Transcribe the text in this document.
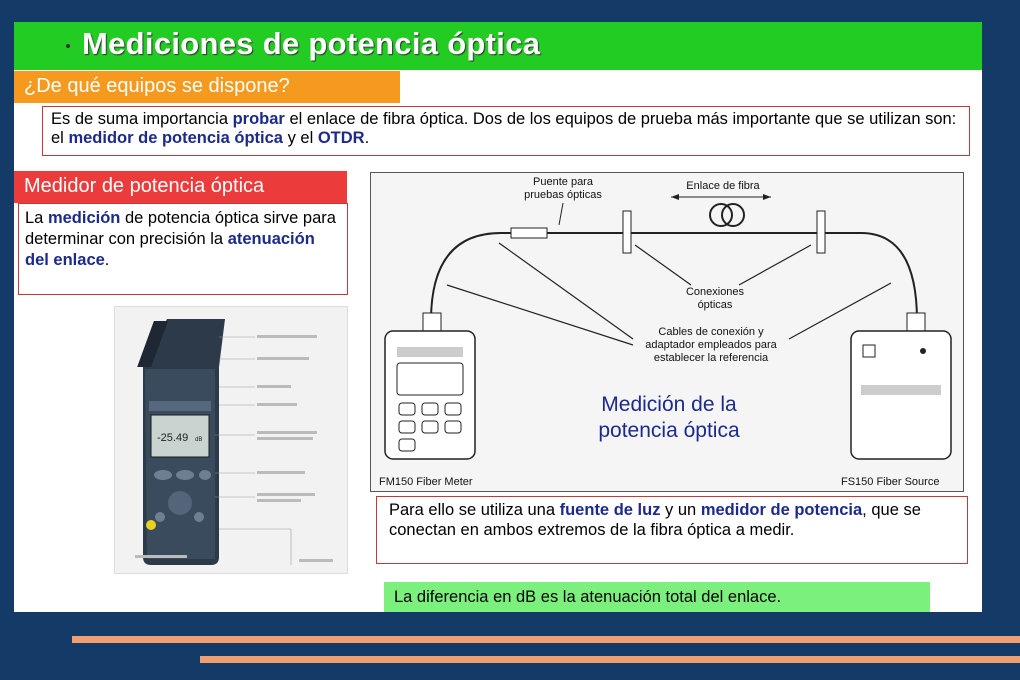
Mediciones de potencia óptica
¿De qué equipos se dispone?

Es de suma importancia probar el enlace de fibra óptica. Dos de los equipos de prueba más importante que se utilizan son: el medidor de potencia óptica y el OTDR.

Medidor de potencia óptica

La medición de potencia óptica sirve para determinar con precisión la atenuación del enlace.

-25.49 dB
Puente para
pruebas ópticas
Enlace de fibra
Conexiones
ópticas
Cables de conexión y
adaptador empleados para
establecer la referencia
FM150 Fiber Meter	FS150 Fiber Source
Medición de la
potencia óptica

Para ello se utiliza una fuente de luz y un medidor de potencia, que se conectan en ambos extremos de la fibra óptica a medir.

La diferencia en dB es la atenuación total del enlace.
